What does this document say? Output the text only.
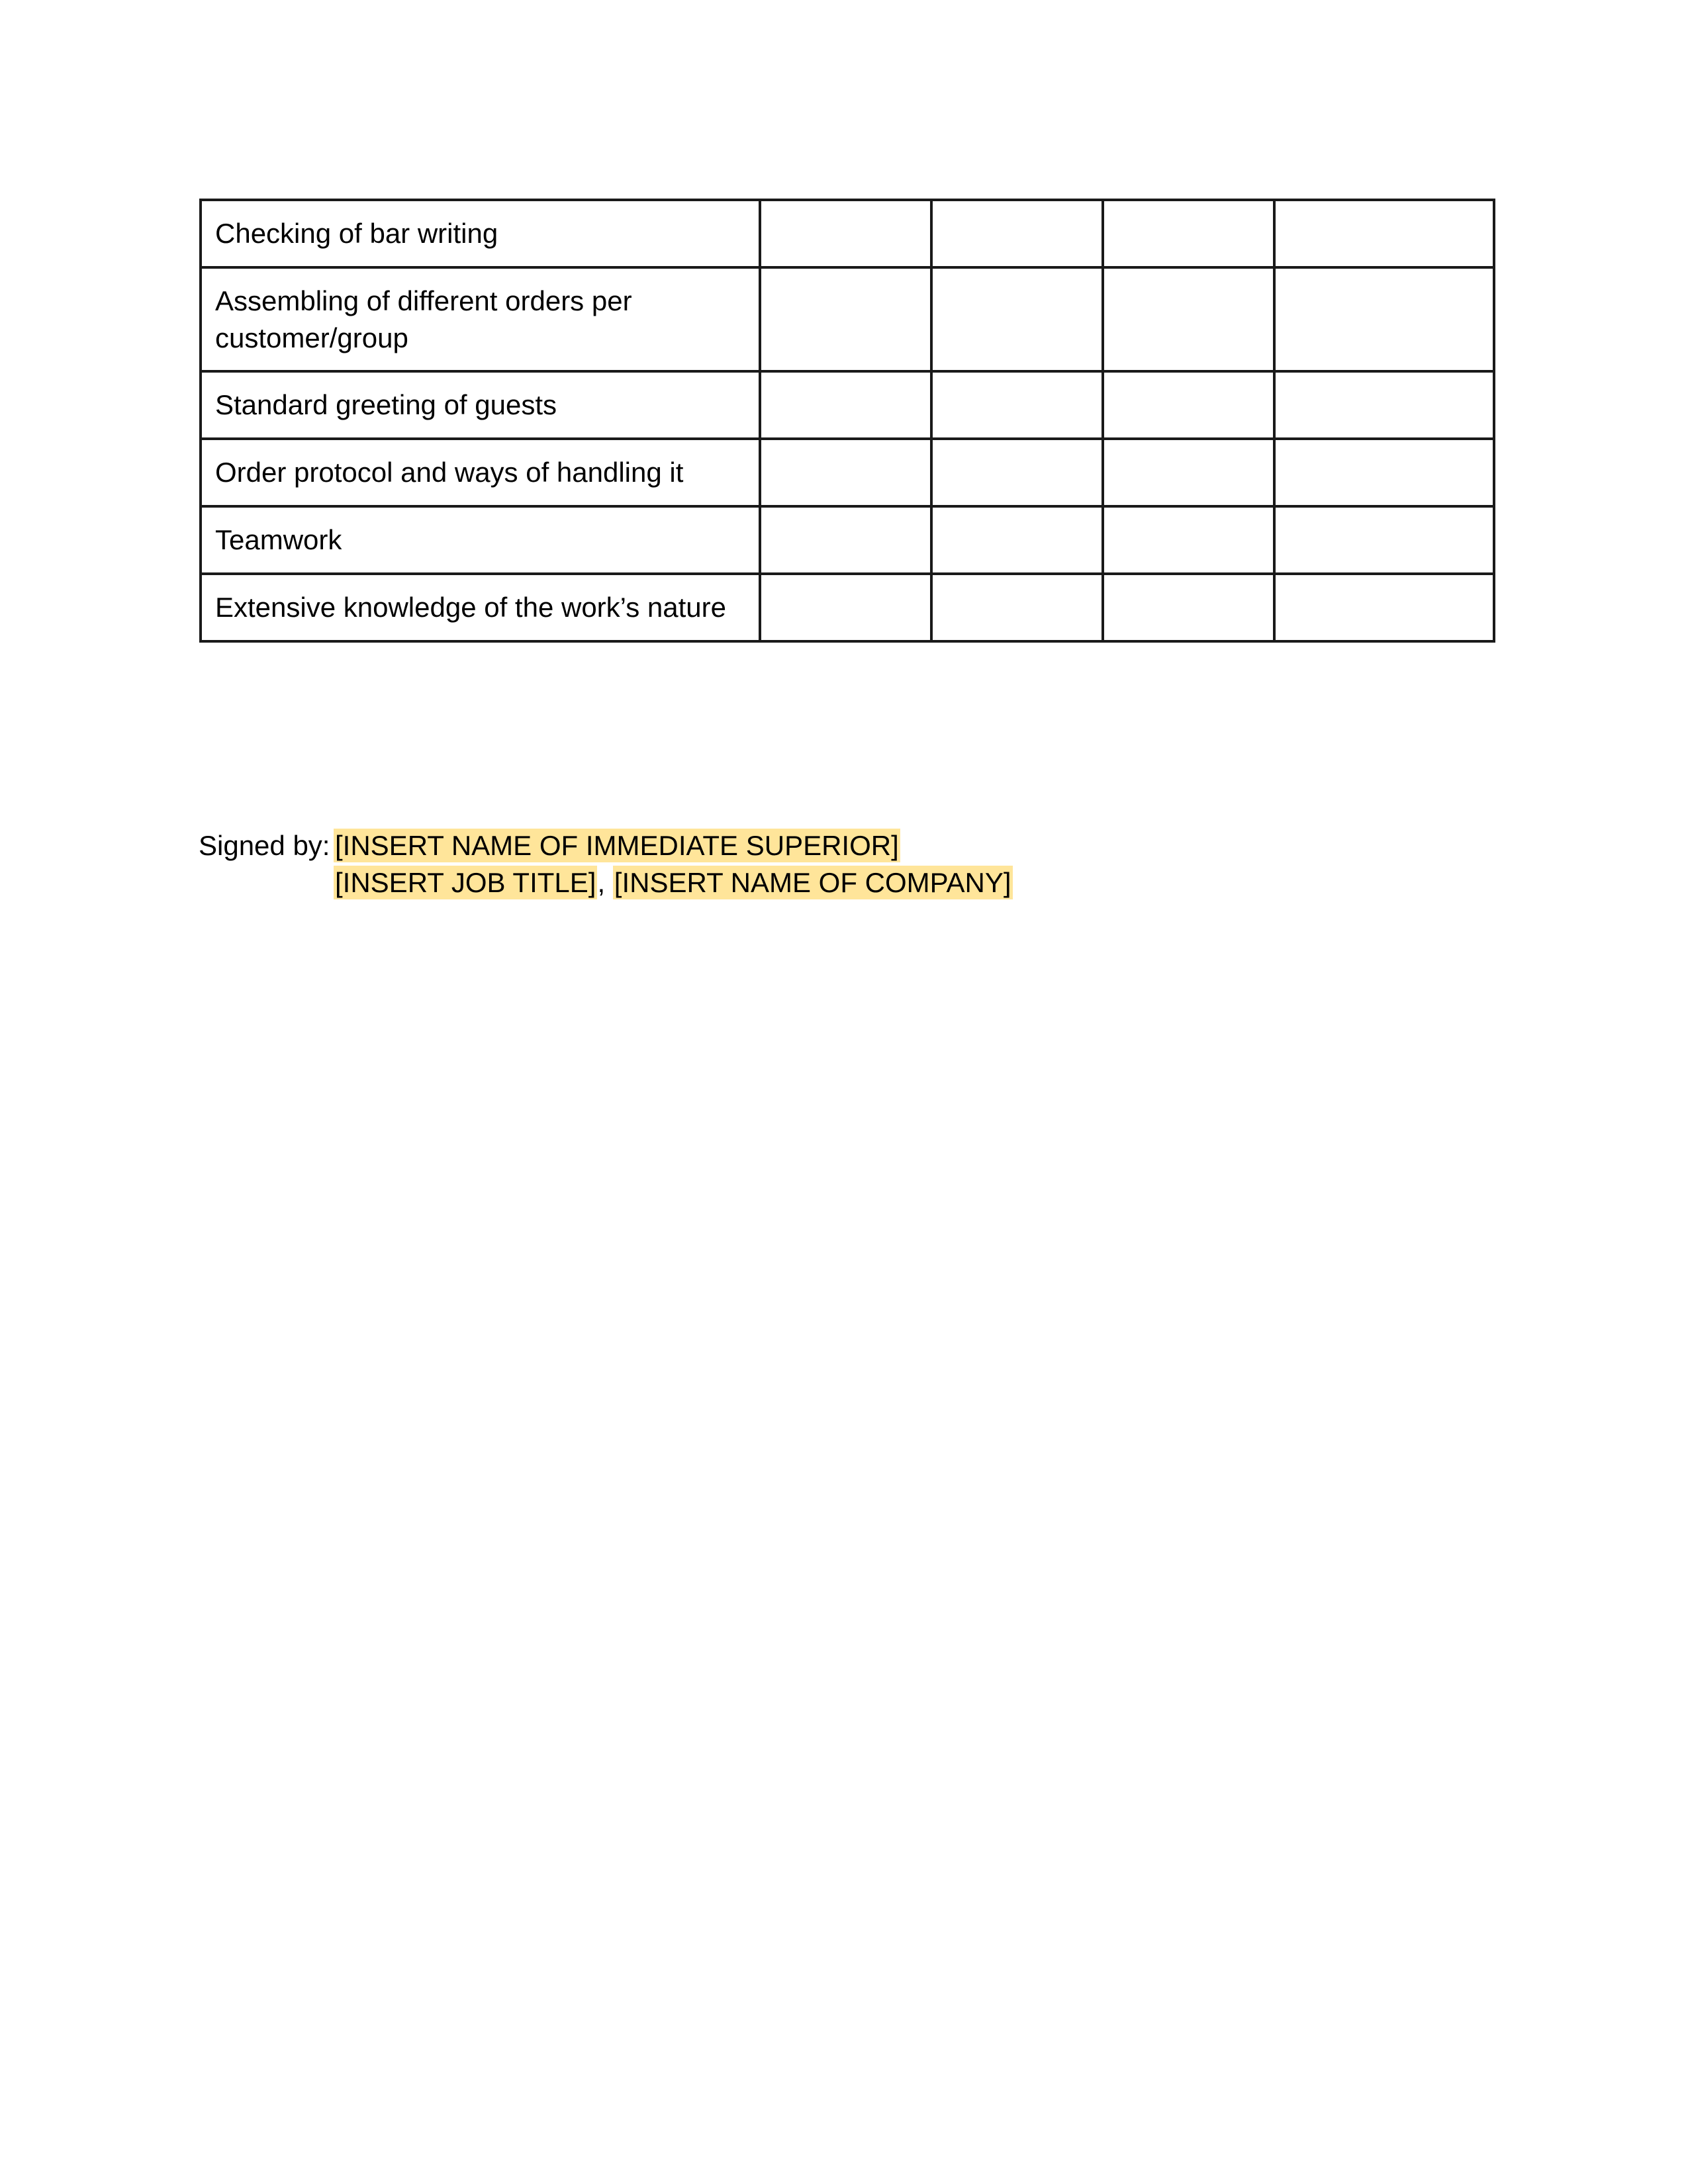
Checking of bar writing				
Assembling of different orders per customer/group				
Standard greeting of guests				
Order protocol and ways of handling it				
Teamwork				
Extensive knowledge of the work’s nature				
Signed by: [INSERT NAME OF IMMEDIATE SUPERIOR]
[INSERT JOB TITLE], [INSERT NAME OF COMPANY]
